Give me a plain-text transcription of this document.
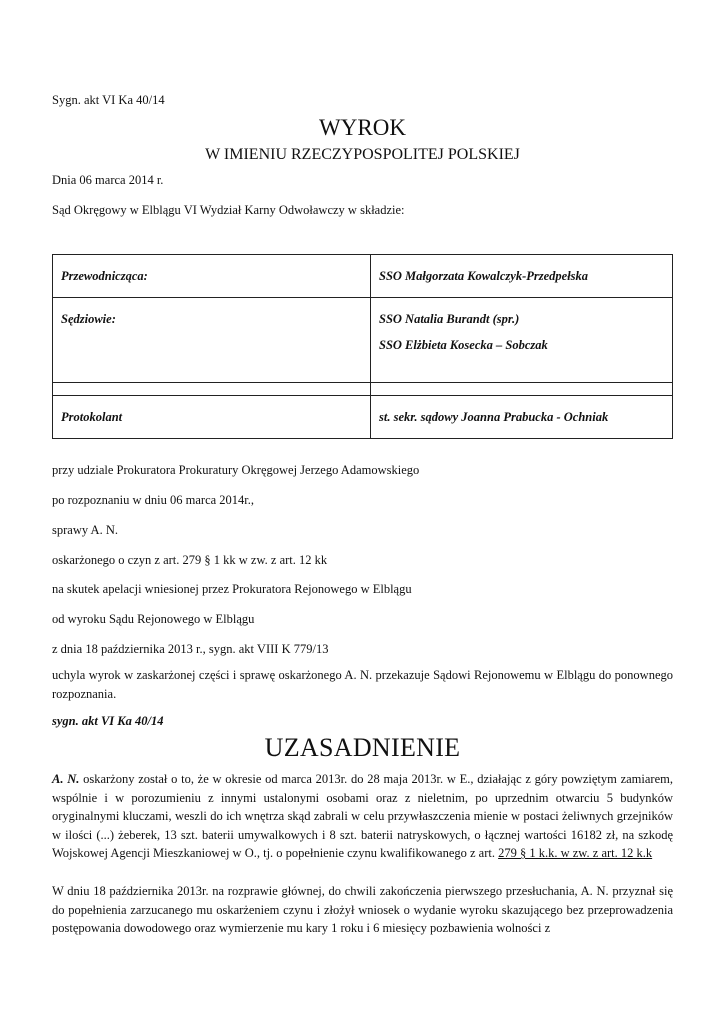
Sygn. akt VI Ka 40/14
WYROK
W IMIENIU RZECZYPOSPOLITEJ POLSKIEJ
Dnia 06 marca 2014 r.
Sąd Okręgowy w Elblągu VI Wydział Karny Odwoławczy w składzie:
Przewodnicząca:	SSO Małgorzata Kowalczyk-Przedpełska
Sędziowie:	SSO Natalia Burandt (spr.)
SSO Elżbieta Kosecka – Sobczak

Protokolant	st. sekr. sądowy Joanna Prabucka - Ochniak
przy udziale Prokuratora Prokuratury Okręgowej Jerzego Adamowskiego
po rozpoznaniu w dniu 06 marca 2014r.,
sprawy A. N.
oskarżonego o czyn z art. 279 § 1 kk w zw. z art. 12 kk
na skutek apelacji wniesionej przez Prokuratora Rejonowego w Elblągu
od wyroku Sądu Rejonowego w Elblągu
z dnia 18 października 2013 r., sygn. akt VIII K 779/13
uchyla wyrok w zaskarżonej części i sprawę oskarżonego A. N. przekazuje Sądowi Rejonowemu w Elblągu do ponownego rozpoznania.
sygn. akt VI Ka 40/14
UZASADNIENIE
A. N. oskarżony został o to, że w okresie od marca 2013r. do 28 maja 2013r. w E., działając z góry powziętym zamiarem, wspólnie i w porozumieniu z innymi ustalonymi osobami oraz z nieletnim, po uprzednim otwarciu 5 budynków oryginalnymi kluczami, weszli do ich wnętrza skąd zabrali w celu przywłaszczenia mienie w postaci żeliwnych grzejników w ilości (...) żeberek, 13 szt. baterii umywalkowych i 8 szt. baterii natryskowych, o łącznej wartości 16182 zł, na szkodę Wojskowej Agencji Mieszkaniowej w O., tj. o popełnienie czynu kwalifikowanego z art. 279 § 1 k.k. w zw. z art. 12 k.k
W dniu 18 października 2013r. na rozprawie głównej, do chwili zakończenia pierwszego przesłuchania, A. N. przyznał się do popełnienia zarzucanego mu oskarżeniem czynu i złożył wniosek o wydanie wyroku skazującego bez przeprowadzenia postępowania dowodowego oraz wymierzenie mu kary 1 roku i 6 miesięcy pozbawienia wolności z
